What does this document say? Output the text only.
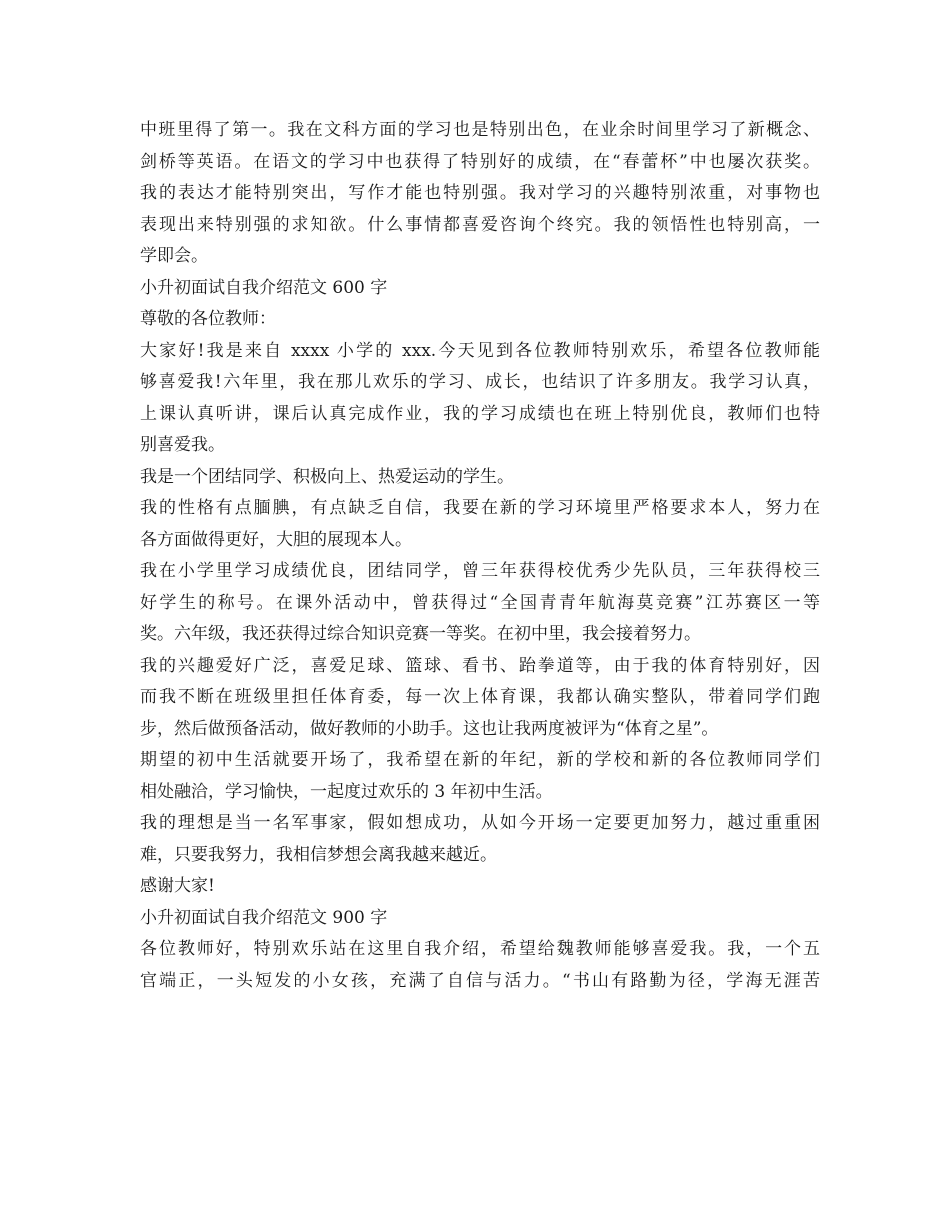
中班里得了第一。我在文科方面的学习也是特别出色，在业余时间里学习了新概念、
剑桥等英语。在语文的学习中也获得了特别好的成绩，在“春蕾杯”中也屡次获奖。
我的表达才能特别突出，写作才能也特别强。我对学习的兴趣特别浓重，对事物也
表现出来特别强的求知欲。什么事情都喜爱咨询个终究。我的领悟性也特别高，一
学即会。
小升初面试自我介绍范文 600 字
尊敬的各位教师：
大家好!我是来自 xxxx 小学的 xxx.今天见到各位教师特别欢乐，希望各位教师能
够喜爱我!六年里，我在那儿欢乐的学习、成长，也结识了许多朋友。我学习认真，
上课认真听讲，课后认真完成作业，我的学习成绩也在班上特别优良，教师们也特
别喜爱我。
我是一个团结同学、积极向上、热爱运动的学生。
我的性格有点腼腆，有点缺乏自信，我要在新的学习环境里严格要求本人，努力在
各方面做得更好，大胆的展现本人。
我在小学里学习成绩优良，团结同学，曾三年获得校优秀少先队员，三年获得校三
好学生的称号。在课外活动中，曾获得过“全国青青年航海莫竞赛”江苏赛区一等
奖。六年级，我还获得过综合知识竞赛一等奖。在初中里，我会接着努力。
我的兴趣爱好广泛，喜爱足球、篮球、看书、跆拳道等，由于我的体育特别好，因
而我不断在班级里担任体育委，每一次上体育课，我都认确实整队，带着同学们跑
步，然后做预备活动，做好教师的小助手。这也让我两度被评为“体育之星”。
期望的初中生活就要开场了，我希望在新的年纪，新的学校和新的各位教师同学们
相处融洽，学习愉快，一起度过欢乐的 3 年初中生活。
我的理想是当一名军事家，假如想成功，从如今开场一定要更加努力，越过重重困
难，只要我努力，我相信梦想会离我越来越近。
感谢大家!
小升初面试自我介绍范文 900 字
各位教师好，特别欢乐站在这里自我介绍，希望给魏教师能够喜爱我。我，一个五
官端正，一头短发的小女孩，充满了自信与活力。“书山有路勤为径，学海无涯苦
